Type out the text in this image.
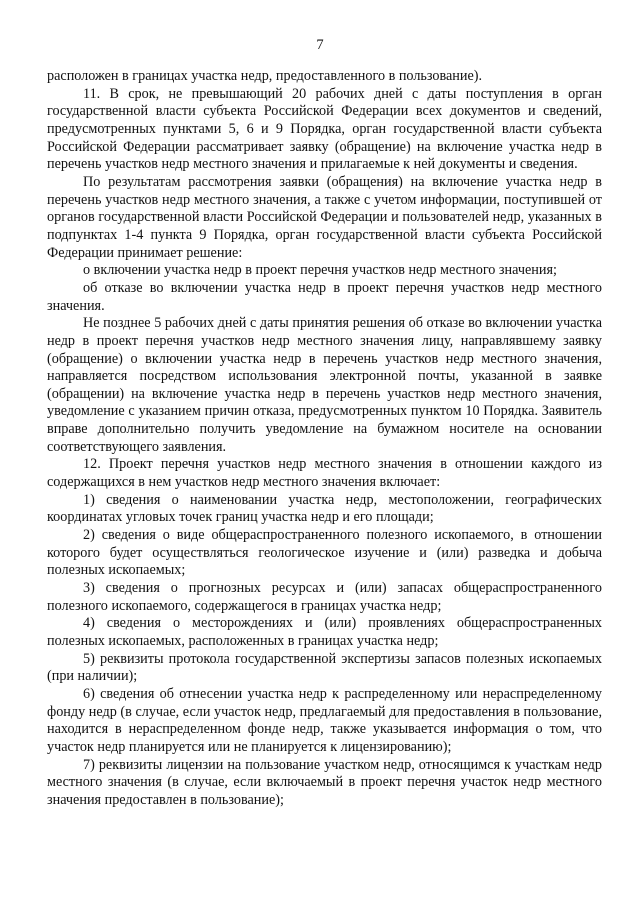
7

расположен в границах участка недр, предоставленного в пользование).

11. В срок, не превышающий 20 рабочих дней с даты поступления в орган государственной власти субъекта Российской Федерации всех документов и сведений, предусмотренных пунктами 5, 6 и 9 Порядка, орган государственной власти субъекта Российской Федерации рассматривает заявку (обращение) на включение участка недр в перечень участков недр местного значения и прилагаемые к ней документы и сведения.

По результатам рассмотрения заявки (обращения) на включение участка недр в перечень участков недр местного значения, а также с учетом информации, поступившей от органов государственной власти Российской Федерации и пользователей недр, указанных в подпунктах 1-4 пункта 9 Порядка, орган государственной власти субъекта Российской Федерации принимает решение:

о включении участка недр в проект перечня участков недр местного значения;

об отказе во включении участка недр в проект перечня участков недр местного значения.

Не позднее 5 рабочих дней с даты принятия решения об отказе во включении участка недр в проект перечня участков недр местного значения лицу, направлявшему заявку (обращение) о включении участка недр в перечень участков недр местного значения, направляется посредством использования электронной почты, указанной в заявке (обращении) на включение участка недр в перечень участков недр местного значения, уведомление с указанием причин отказа, предусмотренных пунктом 10 Порядка. Заявитель вправе дополнительно получить уведомление на бумажном носителе на основании соответствующего заявления.

12. Проект перечня участков недр местного значения в отношении каждого из содержащихся в нем участков недр местного значения включает:

1) сведения о наименовании участка недр, местоположении, географических координатах угловых точек границ участка недр и его площади;

2) сведения о виде общераспространенного полезного ископаемого, в отношении которого будет осуществляться геологическое изучение и (или) разведка и добыча полезных ископаемых;

3) сведения о прогнозных ресурсах и (или) запасах общераспространенного полезного ископаемого, содержащегося в границах участка недр;

4) сведения о месторождениях и (или) проявлениях общераспространенных полезных ископаемых, расположенных в границах участка недр;

5) реквизиты протокола государственной экспертизы запасов полезных ископаемых (при наличии);

6) сведения об отнесении участка недр к распределенному или нераспределенному фонду недр (в случае, если участок недр, предлагаемый для предоставления в пользование, находится в нераспределенном фонде недр, также указывается информация о том, что участок недр планируется или не планируется к лицензированию);

7) реквизиты лицензии на пользование участком недр, относящимся к участкам недр местного значения (в случае, если включаемый в проект перечня участок недр местного значения предоставлен в пользование);
